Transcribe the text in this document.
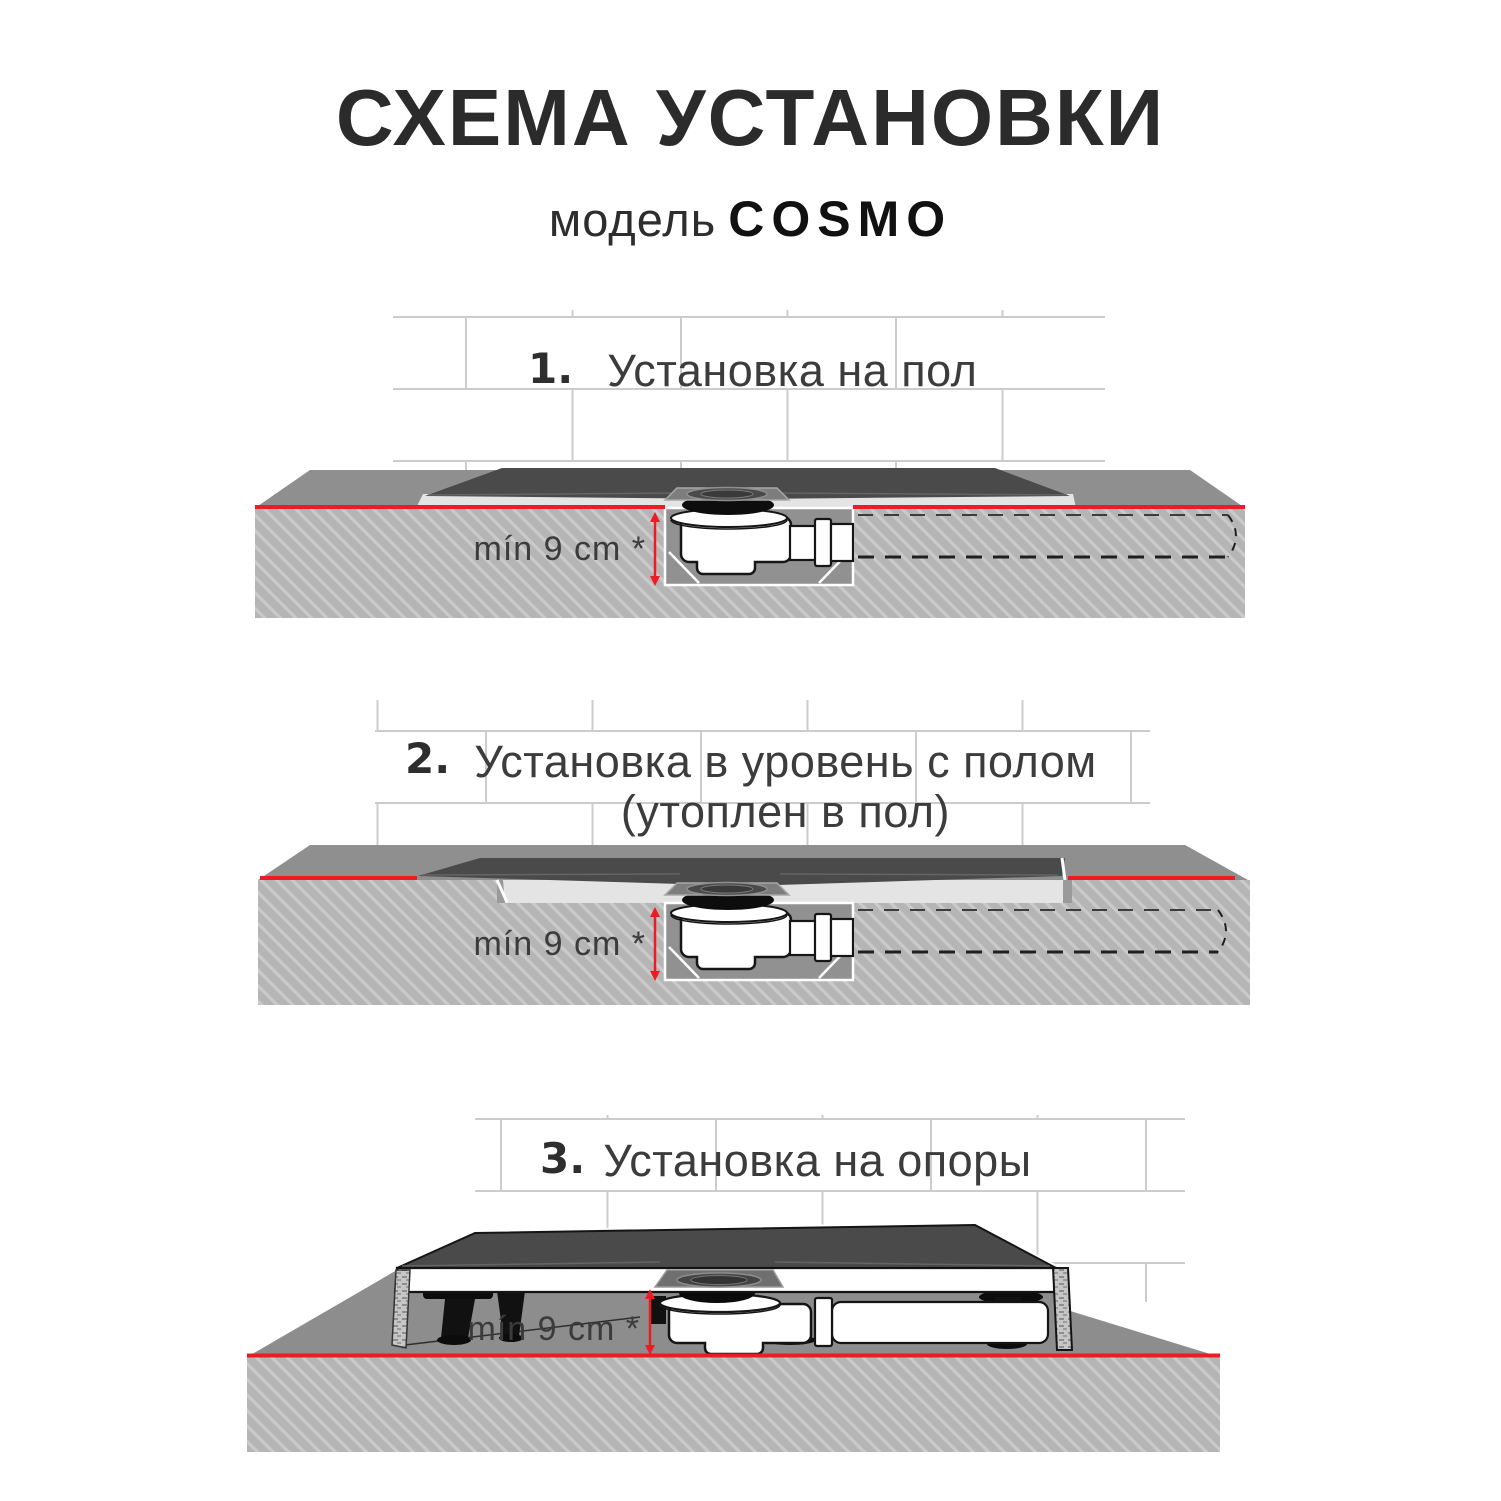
СХЕМА УСТАНОВКИ
модель COSMO
mín 9 cm *
mín 9 cm *
mín 9 cm *
1. Установка на пол
2. Установка в уровень с полом
(утоплен в пол)
3. Установка на опоры
